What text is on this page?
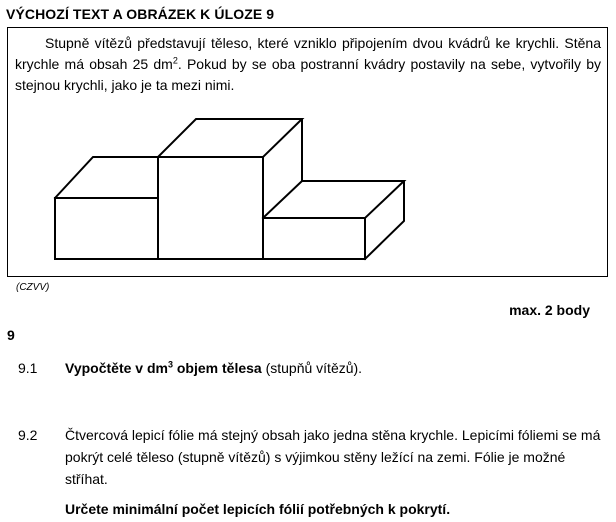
VÝCHOZÍ TEXT A OBRÁZEK K ÚLOZE 9

Stupně vítězů představují těleso, které vzniklo připojením dvou kvádrů ke krychli. Stěna krychle má obsah 25 $dm^2$. Pokud by se oba postranní kvádry postavily na sebe, vytvořily by stejnou krychli, jako je ta mezi nimi.

(CZVV)
max. 2 body
9
9.1 Vypočtěte v $dm^3$ objem tělesa (stupňů vítězů).

9.2 Čtvercová lepicí fólie má stejný obsah jako jedna stěna krychle. Lepicími fóliemi se má pokrýt celé těleso (stupně vítězů) s výjimkou stěny ležící na zemi. Fólie je možné stříhat.

Určete minimální počet lepicích fólií potřebných k pokrytí.
